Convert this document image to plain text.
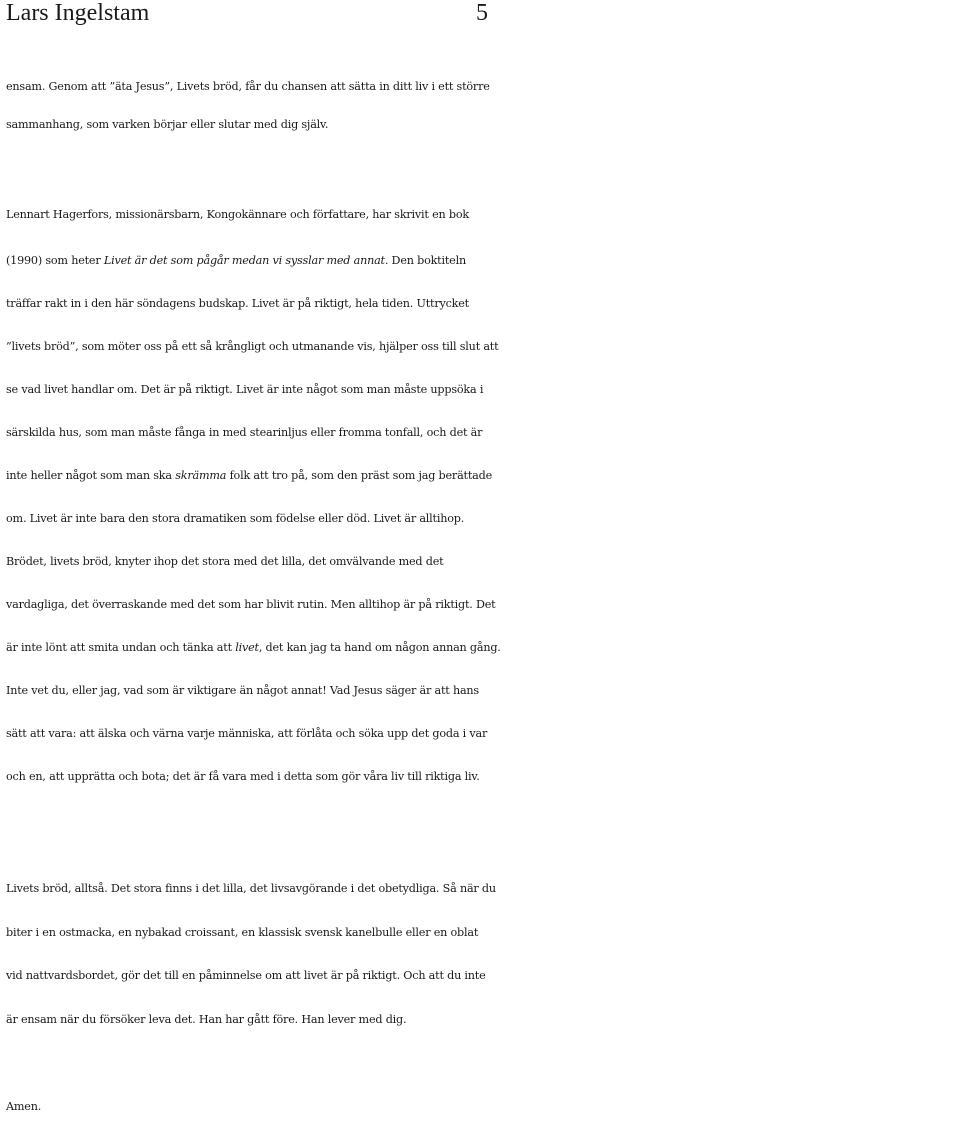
Lars Ingelstam	5

ensam. Genom att ”äta Jesus”, Livets bröd, får du chansen att sätta in ditt liv i ett större
sammanhang, som varken börjar eller slutar med dig själv.

Lennart Hagerfors, missionärsbarn, Kongokännare och författare, har skrivit en bok
(1990) som heter Livet är det som pågår medan vi sysslar med annat. Den boktiteln
träffar rakt in i den här söndagens budskap. Livet är på riktigt, hela tiden. Uttrycket
”livets bröd”, som möter oss på ett så krångligt och utmanande vis, hjälper oss till slut att
se vad livet handlar om. Det är på riktigt. Livet är inte något som man måste uppsöka i
särskilda hus, som man måste fånga in med stearinljus eller fromma tonfall, och det är
inte heller något som man ska skrämma folk att tro på, som den präst som jag berättade
om. Livet är inte bara den stora dramatiken som födelse eller död. Livet är alltihop.
Brödet, livets bröd, knyter ihop det stora med det lilla, det omvälvande med det
vardagliga, det överraskande med det som har blivit rutin. Men alltihop är på riktigt. Det
är inte lönt att smita undan och tänka att livet, det kan jag ta hand om någon annan gång.
Inte vet du, eller jag, vad som är viktigare än något annat! Vad Jesus säger är att hans
sätt att vara: att älska och värna varje människa, att förlåta och söka upp det goda i var
och en, att upprätta och bota; det är få vara med i detta som gör våra liv till riktiga liv.

Livets bröd, alltså. Det stora finns i det lilla, det livsavgörande i det obetydliga. Så när du
biter i en ostmacka, en nybakad croissant, en klassisk svensk kanelbulle eller en oblat
vid nattvardsbordet, gör det till en påminnelse om att livet är på riktigt. Och att du inte
är ensam när du försöker leva det. Han har gått före. Han lever med dig.

Amen.
